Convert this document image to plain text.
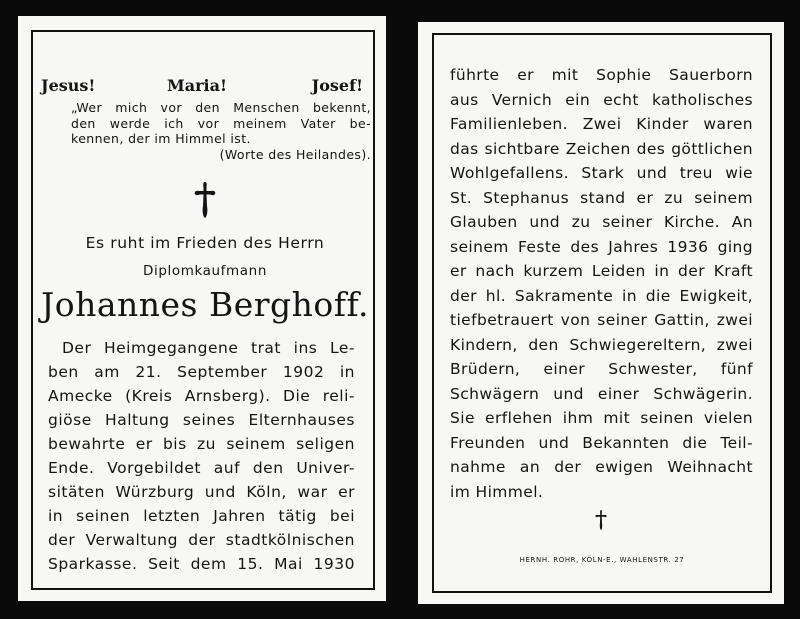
Jesus!	Maria!	Josef!
„Wer mich vor den Menschen bekennt,
den werde ich vor meinem Vater be-
kennen, der im Himmel ist.
(Worte des Heilandes).
Es ruht im Frieden des Herrn
Diplomkaufmann
Johannes Berghoff.
Der Heimgegangene trat ins Le-
ben am 21. September 1902 in
Amecke (Kreis Arnsberg). Die reli-
giöse Haltung seines Elternhauses
bewahrte er bis zu seinem seligen
Ende. Vorgebildet auf den Univer-
sitäten Würzburg und Köln, war er
in seinen letzten Jahren tätig bei
der Verwaltung der stadtkölnischen
Sparkasse. Seit dem 15. Mai 1930
führte er mit Sophie Sauerborn
aus Vernich ein echt katholisches
Familienleben. Zwei Kinder waren
das sichtbare Zeichen des göttlichen
Wohlgefallens. Stark und treu wie
St. Stephanus stand er zu seinem
Glauben und zu seiner Kirche. An
seinem Feste des Jahres 1936 ging
er nach kurzem Leiden in der Kraft
der hl. Sakramente in die Ewigkeit,
tiefbetrauert von seiner Gattin, zwei
Kindern, den Schwiegereltern, zwei
Brüdern, einer Schwester, fünf
Schwägern und einer Schwägerin.
Sie erflehen ihm mit seinen vielen
Freunden und Bekannten die Teil-
nahme an der ewigen Weihnacht
im Himmel.
HERNH. ROHR, KÖLN-E., WAHLENSTR. 27
